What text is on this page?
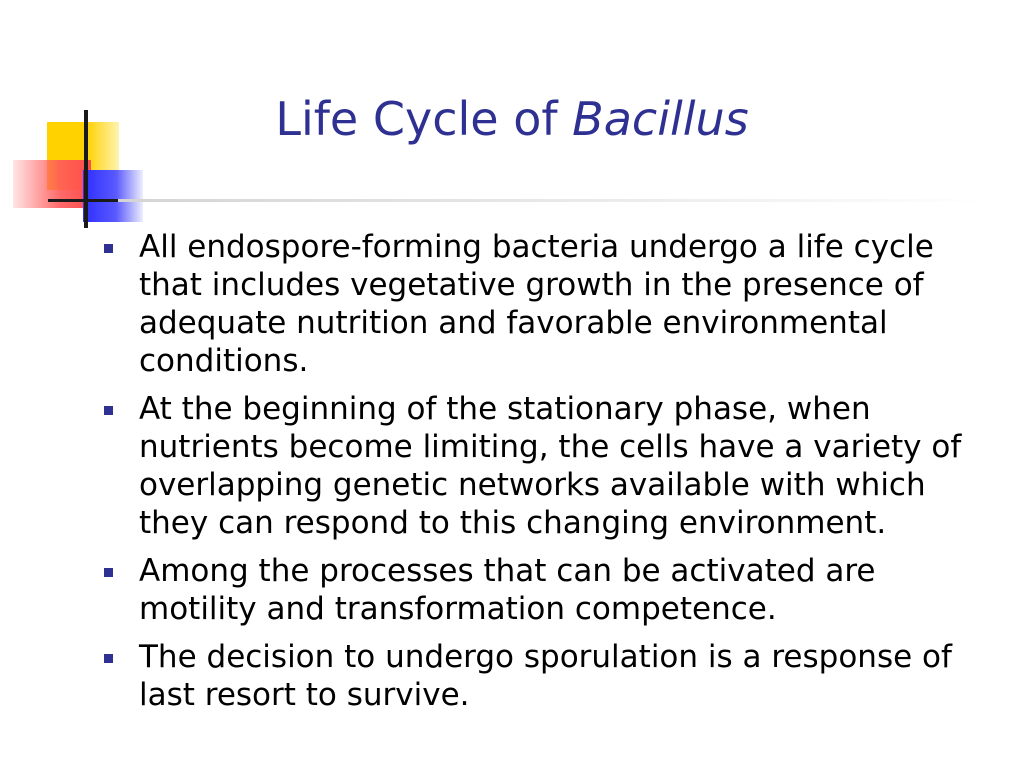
Life Cycle of Bacillus
All endospore-forming bacteria undergo a life cycle that includes vegetative growth in the presence of adequate nutrition and favorable environmental conditions.
At the beginning of the stationary phase, when nutrients become limiting, the cells have a variety of overlapping genetic networks available with which they can respond to this changing environment.
Among the processes that can be activated are motility and transformation competence.
The decision to undergo sporulation is a response of last resort to survive.
